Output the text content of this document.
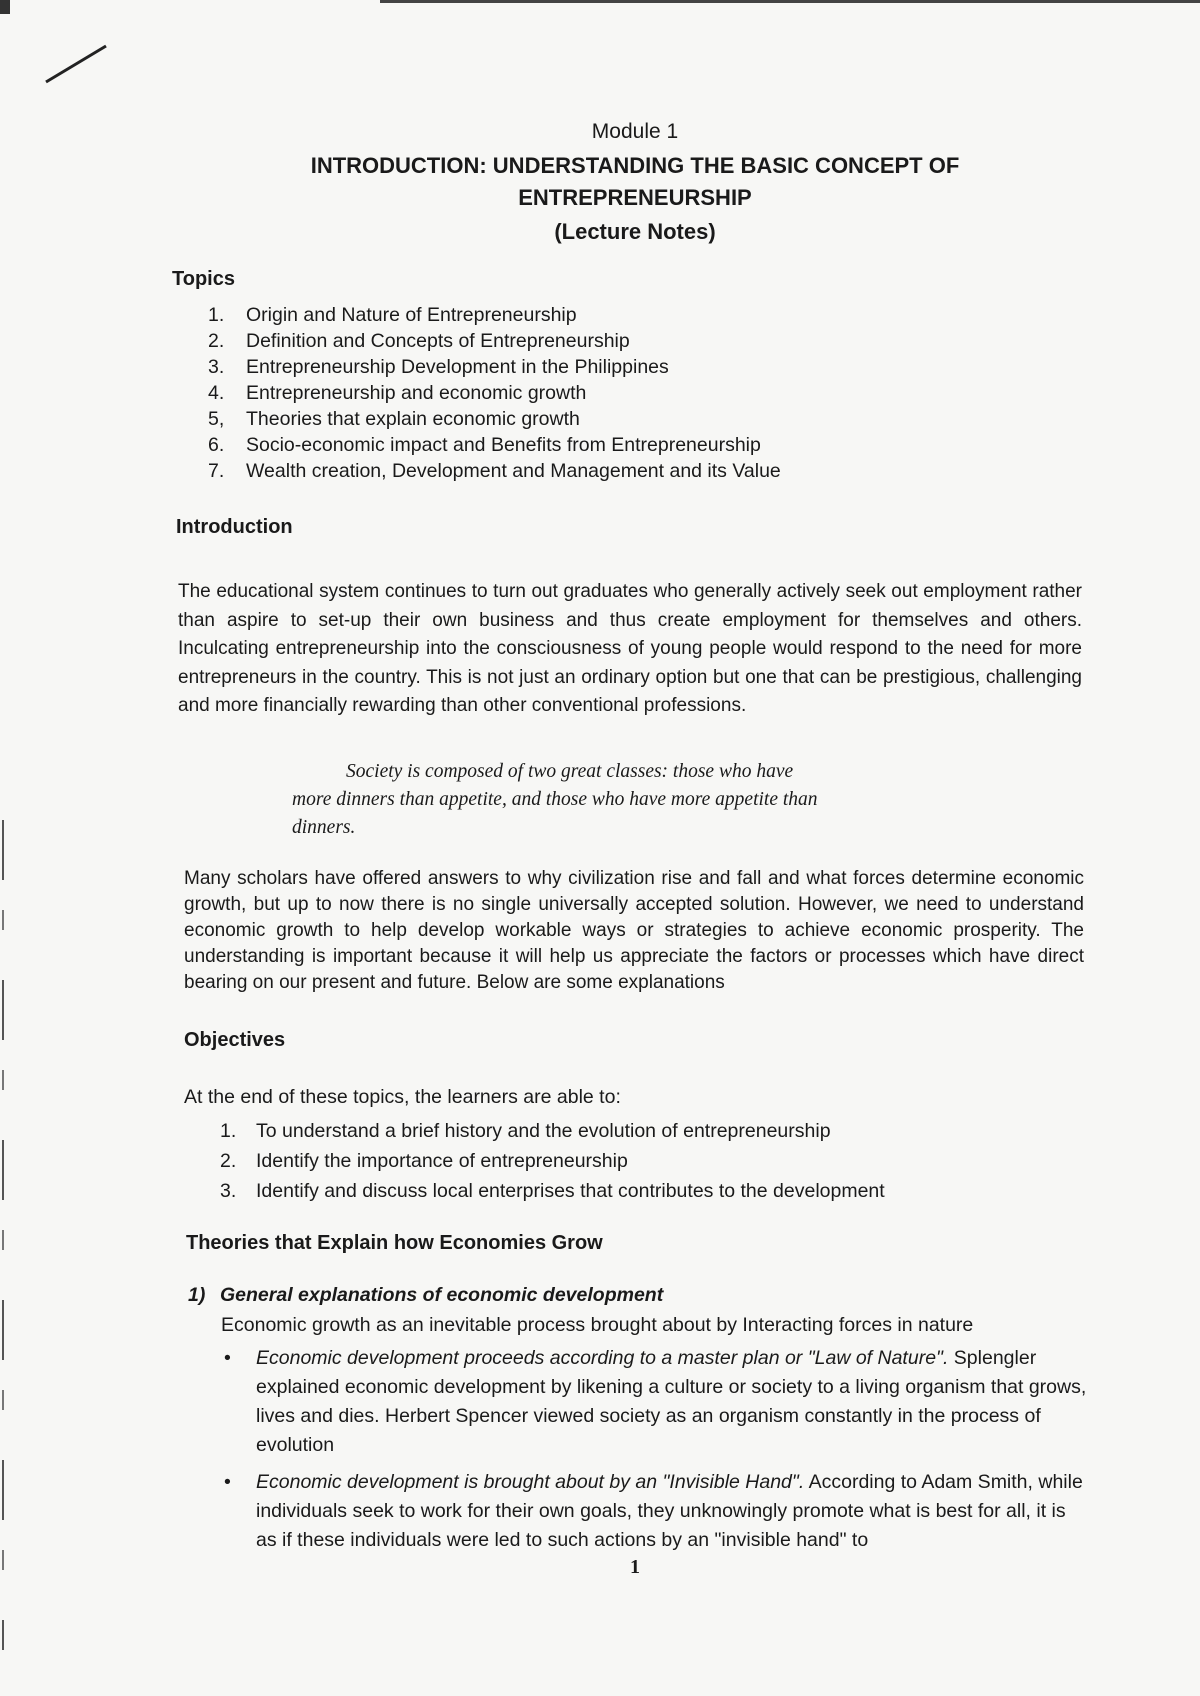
Module 1
INTRODUCTION: UNDERSTANDING THE BASIC CONCEPT OF
ENTREPRENEURSHIP
(Lecture Notes)
Topics
1.	Origin and Nature of Entrepreneurship
2.	Definition and Concepts of Entrepreneurship
3.	Entrepreneurship Development in the Philippines
4.	Entrepreneurship and economic growth
5,	Theories that explain economic growth
6.	Socio-economic impact and Benefits from Entrepreneurship
7.	Wealth creation, Development and Management and its Value
Introduction
The educational system continues to turn out graduates who generally actively seek out employment rather than aspire to set-up their own business and thus create employment for themselves and others. Inculcating entrepreneurship into the consciousness of young people would respond to the need for more entrepreneurs in the country. This is not just an ordinary option but one that can be prestigious, challenging and more financially rewarding than other conventional professions.
Society is composed of two great classes: those who have
more dinners than appetite, and those who have more appetite than
dinners.
Many scholars have offered answers to why civilization rise and fall and what forces determine economic growth, but up to now there is no single universally accepted solution. However, we need to understand economic growth to help develop workable ways or strategies to achieve economic prosperity. The understanding is important because it will help us appreciate the factors or processes which have direct bearing on our present and future. Below are some explanations
Objectives
At the end of these topics, the learners are able to:
1. To understand a brief history and the evolution of entrepreneurship
2. Identify the importance of entrepreneurship
3. Identify and discuss local enterprises that contributes to the development
Theories that Explain how Economies Grow
1) General explanations of economic development
Economic growth as an inevitable process brought about by Interacting forces in nature
• Economic development proceeds according to a master plan or "Law of Nature". Splengler explained economic development by likening a culture or society to a living organism that grows, lives and dies. Herbert Spencer viewed society as an organism constantly in the process of evolution
• Economic development is brought about by an "Invisible Hand". According to Adam Smith, while individuals seek to work for their own goals, they unknowingly promote what is best for all, it is as if these individuals were led to such actions by an "invisible hand" to
1
